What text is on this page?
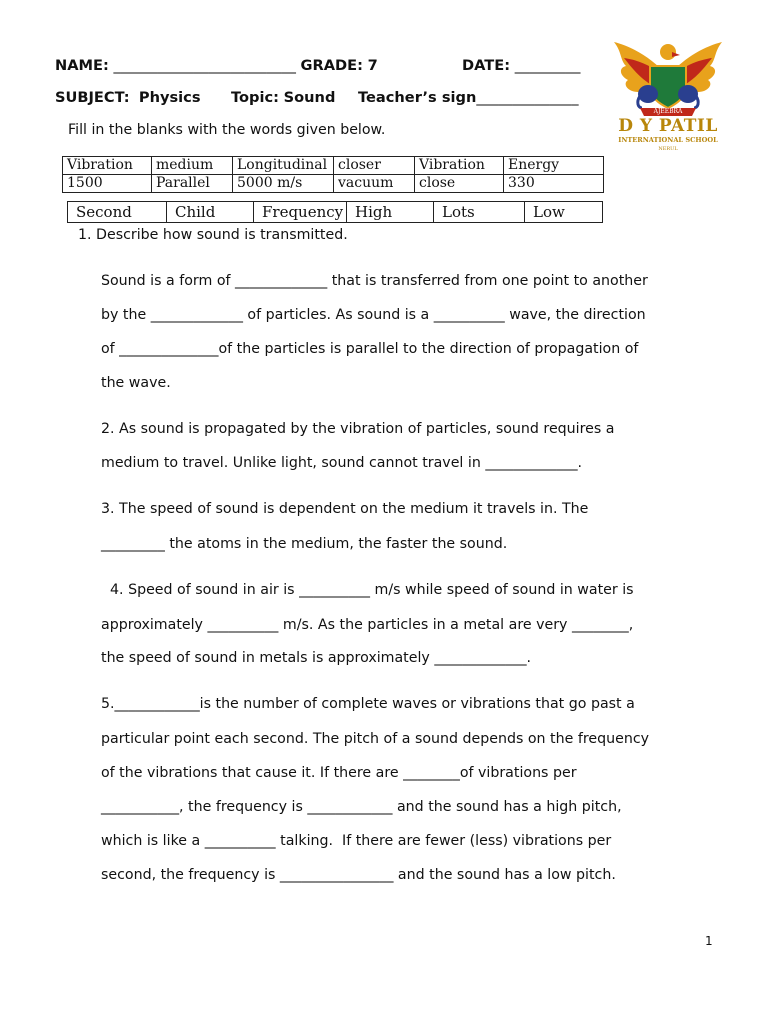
NAME: _________________________ GRADE: 7	DATE: _________
SUBJECT: Physics Topic: Sound Teacher’s sign______________
AJEEBRA
D Y PATIL
INTERNATIONAL SCHOOL
NERUL
Fill in the blanks with the words given below.
Vibration	medium	Longitudinal	closer	Vibration	Energy
1500	Parallel	5000 m/s	vacuum	close	330
Second	Child	Frequency	High	Lots	Low
1. Describe how sound is transmitted.
Sound is a form of _____________ that is transferred from one point to another
by the _____________ of particles. As sound is a __________ wave, the direction
of ______________of the particles is parallel to the direction of propagation of
the wave.
2. As sound is propagated by the vibration of particles, sound requires a
medium to travel. Unlike light, sound cannot travel in _____________.
3. The speed of sound is dependent on the medium it travels in. The
_________ the atoms in the medium, the faster the sound.
4. Speed of sound in air is __________ m/s while speed of sound in water is
approximately __________ m/s. As the particles in a metal are very ________,
the speed of sound in metals is approximately _____________.
5.____________is the number of complete waves or vibrations that go past a
particular point each second. The pitch of a sound depends on the frequency
of the vibrations that cause it. If there are ________of vibrations per
___________, the frequency is ____________ and the sound has a high pitch,
which is like a __________ talking.  If there are fewer (less) vibrations per
second, the frequency is ________________ and the sound has a low pitch.
1
